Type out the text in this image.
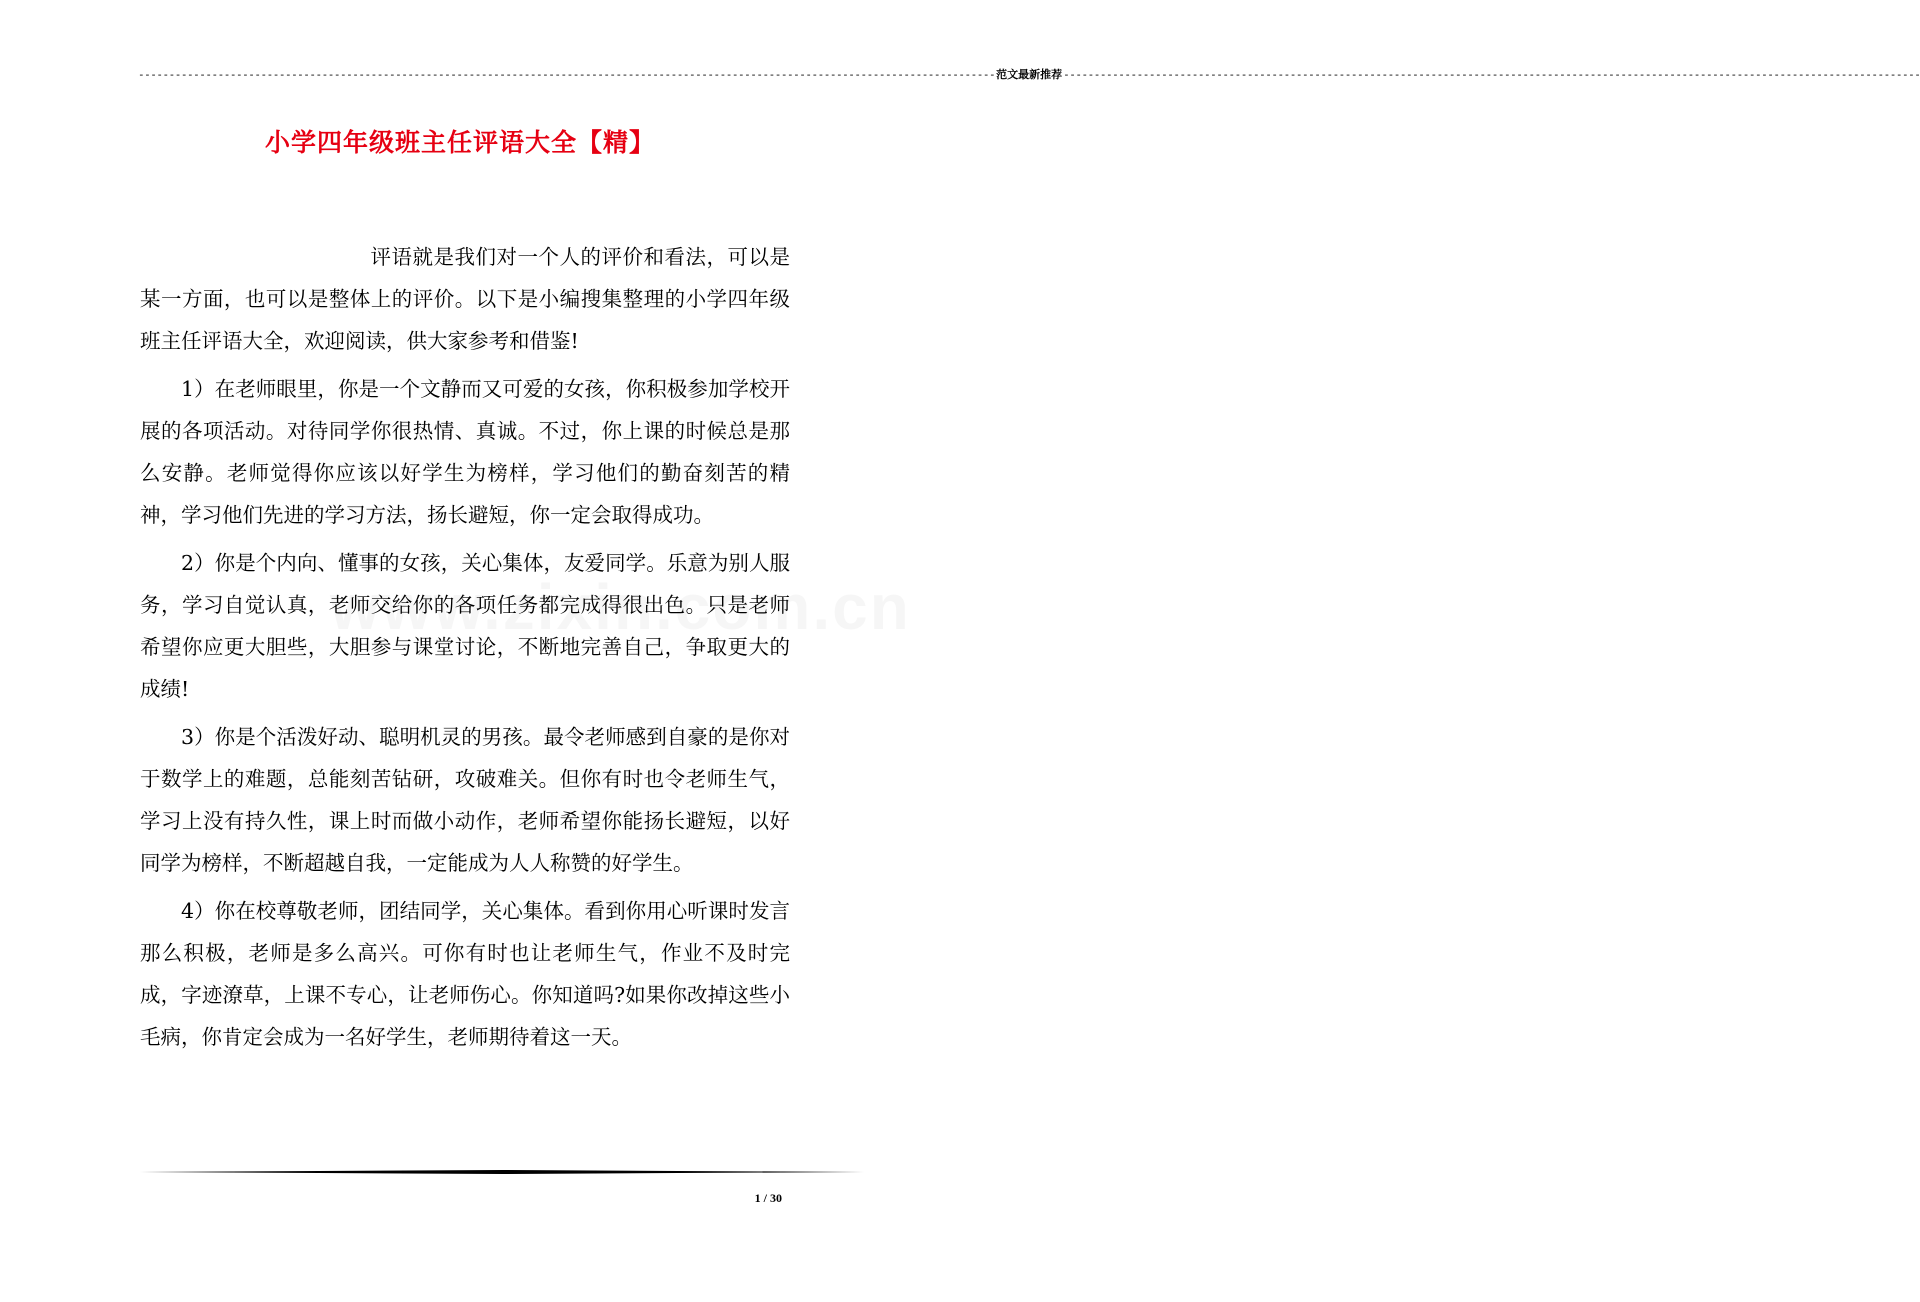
-------------------------------------------------------------------------------------------------------------------------------------------- 范文最新推荐 --------------------------------------------------------------------------------------------------------------------------------------------
小学四年级班主任评语大全【精】

评语就是我们对一个人的评价和看法，可以是某一方面，也可以是整体上的评价。以下是小编搜集整理的小学四年级班主任评语大全，欢迎阅读，供大家参考和借鉴!

1）在老师眼里，你是一个文静而又可爱的女孩，你积极参加学校开展的各项活动。对待同学你很热情、真诚。不过，你上课的时候总是那么安静。老师觉得你应该以好学生为榜样，学习他们的勤奋刻苦的精神，学习他们先进的学习方法，扬长避短，你一定会取得成功。

2）你是个内向、懂事的女孩，关心集体，友爱同学。乐意为别人服务，学习自觉认真，老师交给你的各项任务都完成得很出色。只是老师希望你应更大胆些，大胆参与课堂讨论，不断地完善自己，争取更大的成绩!

3）你是个活泼好动、聪明机灵的男孩。最令老师感到自豪的是你对于数学上的难题，总能刻苦钻研，攻破难关。但你有时也令老师生气，学习上没有持久性，课上时而做小动作，老师希望你能扬长避短，以好同学为榜样，不断超越自我，一定能成为人人称赞的好学生。

4）你在校尊敬老师，团结同学，关心集体。看到你用心听课时发言那么积极，老师是多么高兴。可你有时也让老师生气，作业不及时完成，字迹潦草，上课不专心，让老师伤心。你知道吗?如果你改掉这些小毛病，你肯定会成为一名好学生，老师期待着这一天。

1 / 30
